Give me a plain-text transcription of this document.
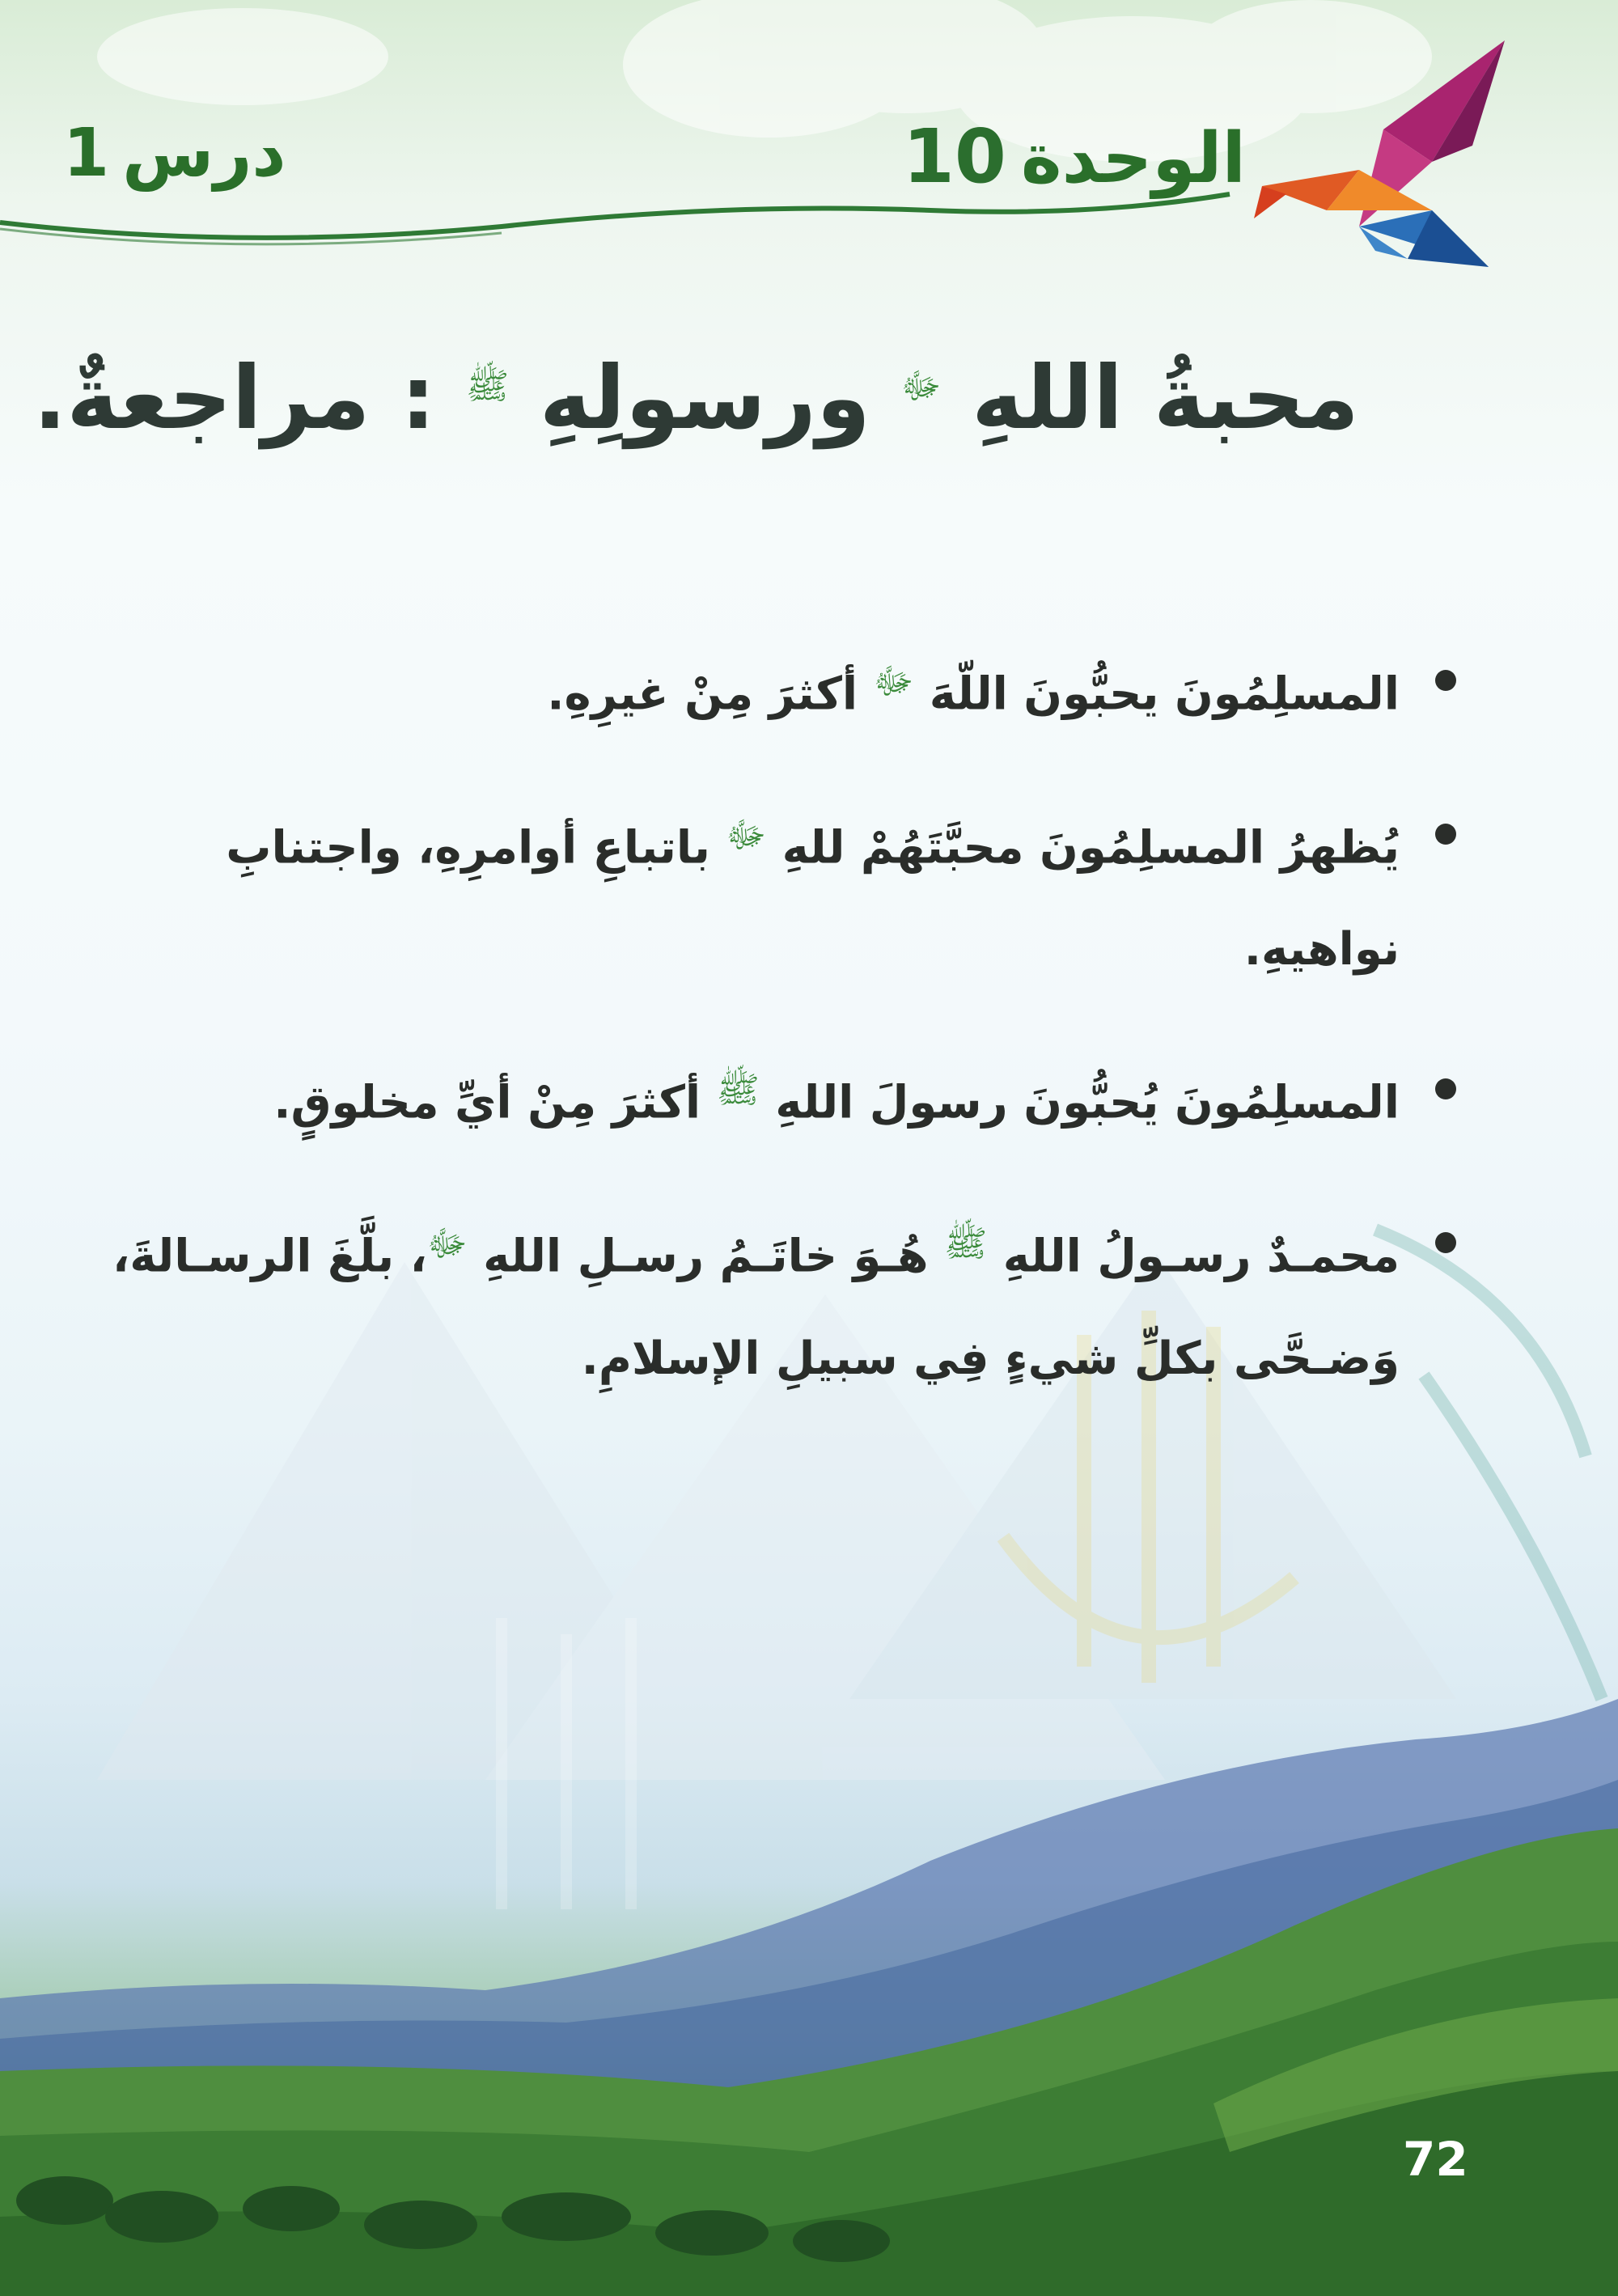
الوحدة10
درس1
محبةُ اللهِ $^ﷻ$ ورسولِهِ $^ﷺ$ : مراجعةٌ.
المسلِمُونَ يحبُّونَ اللّهَ $^ﷻ$ أكثرَ مِنْ غيرِهِ.
يُظهرُ المسلِمُونَ محبَّتَهُمْ للهِ $^ﷻ$ باتباعِ أوامرِهِ، واجتنابِ نواهيهِ.
المسلِمُونَ يُحبُّونَ رسولَ اللهِ $^ﷺ$ أكثرَ مِنْ أيِّ مخلوقٍ.
محمـدٌ رسـولُ اللهِ $^ﷺ$ هُـوَ خاتَـمُ رسـلِ اللهِ $^ﷻ$، بلَّغَ الرسـالةَ، وَضـحَّى بكلِّ شيءٍ فِي سبيلِ الإسلامِ.
72
